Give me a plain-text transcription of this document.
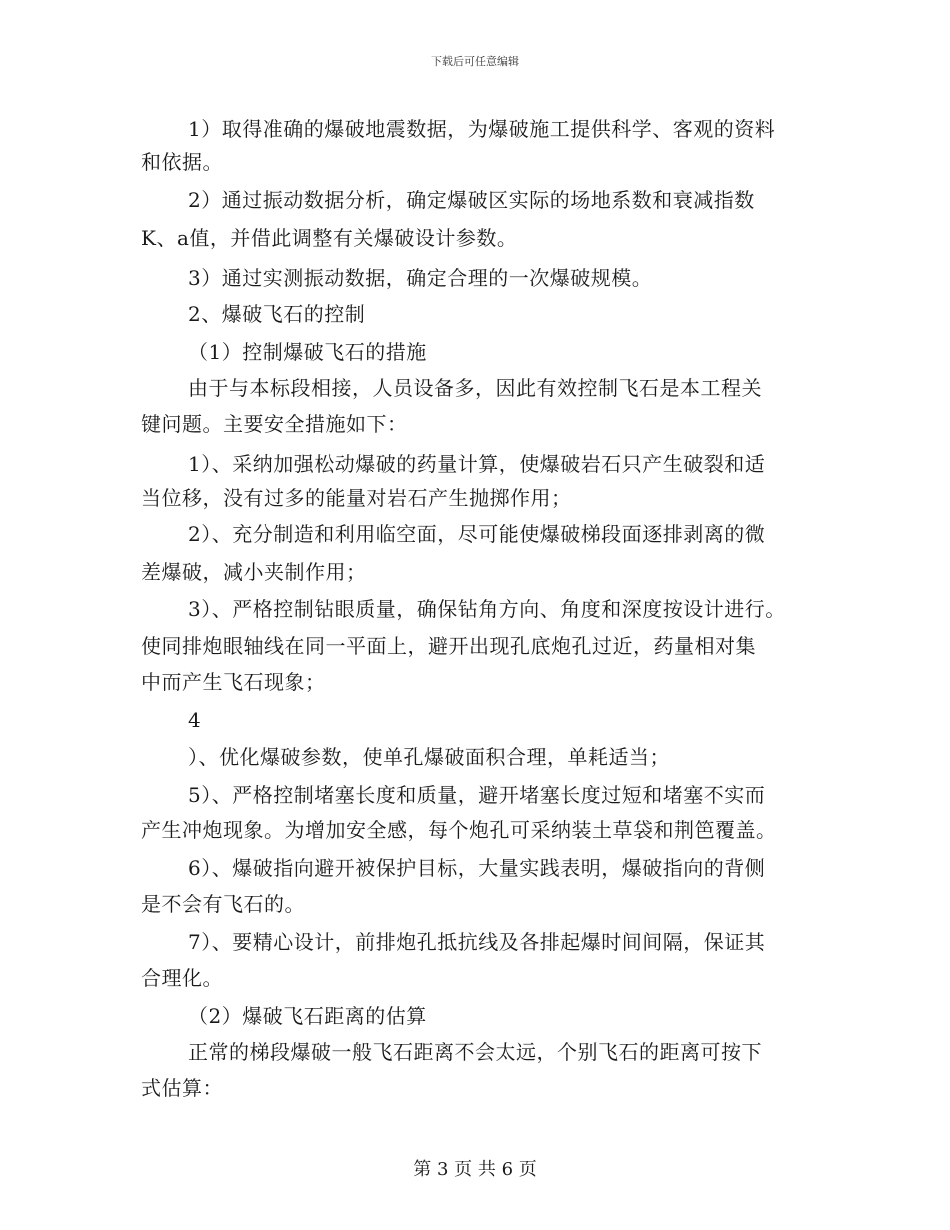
下载后可任意编辑
1）取得准确的爆破地震数据，为爆破施工提供科学、客观的资料
和依据。
2）通过振动数据分析，确定爆破区实际的场地系数和衰减指数
K、a值，并借此调整有关爆破设计参数。
3）通过实测振动数据，确定合理的一次爆破规模。
2、爆破飞石的控制
（1）控制爆破飞石的措施
由于与本标段相接，人员设备多，因此有效控制飞石是本工程关
键问题。主要安全措施如下：
1）、采纳加强松动爆破的药量计算，使爆破岩石只产生破裂和适
当位移，没有过多的能量对岩石产生抛掷作用；
2）、充分制造和利用临空面，尽可能使爆破梯段面逐排剥离的微
差爆破，减小夹制作用；
3）、严格控制钻眼质量，确保钻角方向、角度和深度按设计进行。
使同排炮眼轴线在同一平面上，避开出现孔底炮孔过近，药量相对集
中而产生飞石现象；
4
）、优化爆破参数，使单孔爆破面积合理，单耗适当；
5）、严格控制堵塞长度和质量，避开堵塞长度过短和堵塞不实而
产生冲炮现象。为增加安全感，每个炮孔可采纳装土草袋和荆笆覆盖。
6）、爆破指向避开被保护目标，大量实践表明，爆破指向的背侧
是不会有飞石的。
7）、要精心设计，前排炮孔抵抗线及各排起爆时间间隔，保证其
合理化。
（2）爆破飞石距离的估算
正常的梯段爆破一般飞石距离不会太远，个别飞石的距离可按下
式估算：
第 3 页 共 6 页
